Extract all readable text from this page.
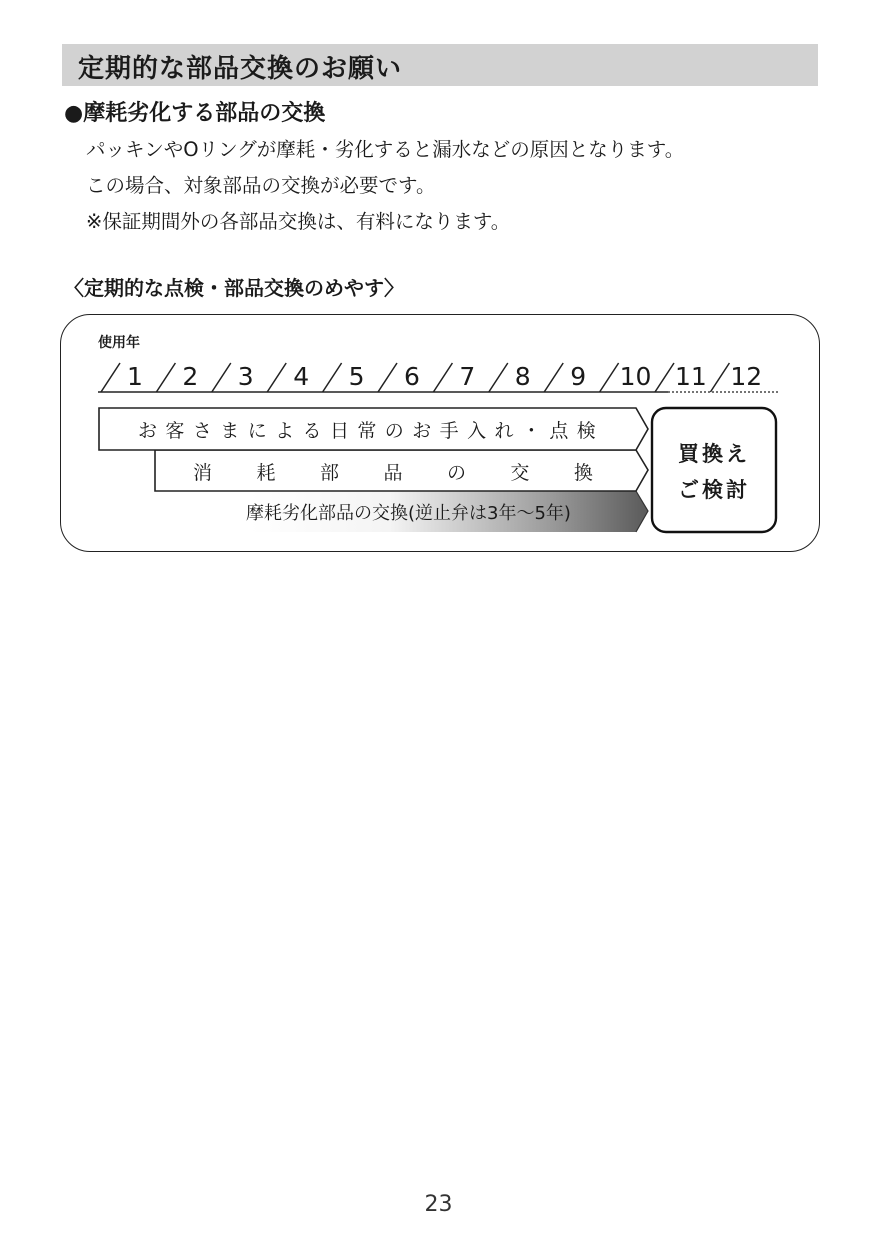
定期的な部品交換のお願い
●摩耗劣化する部品の交換
パッキンやOリングが摩耗・劣化すると漏水などの原因となります。
この場合、対象部品の交換が必要です。
※保証期間外の各部品交換は、有料になります。
〈定期的な点検・部品交換のめやす〉
使用年
1 2 3 4 5 6 7 8 9 10 11 12
お 客 さ ま に よ る 日 常 の お 手 入 れ ・ 点 検
消 耗 部 品 の 交 換
摩耗劣化部品の交換(逆止弁は3年〜5年)
買換え
ご検討
23
